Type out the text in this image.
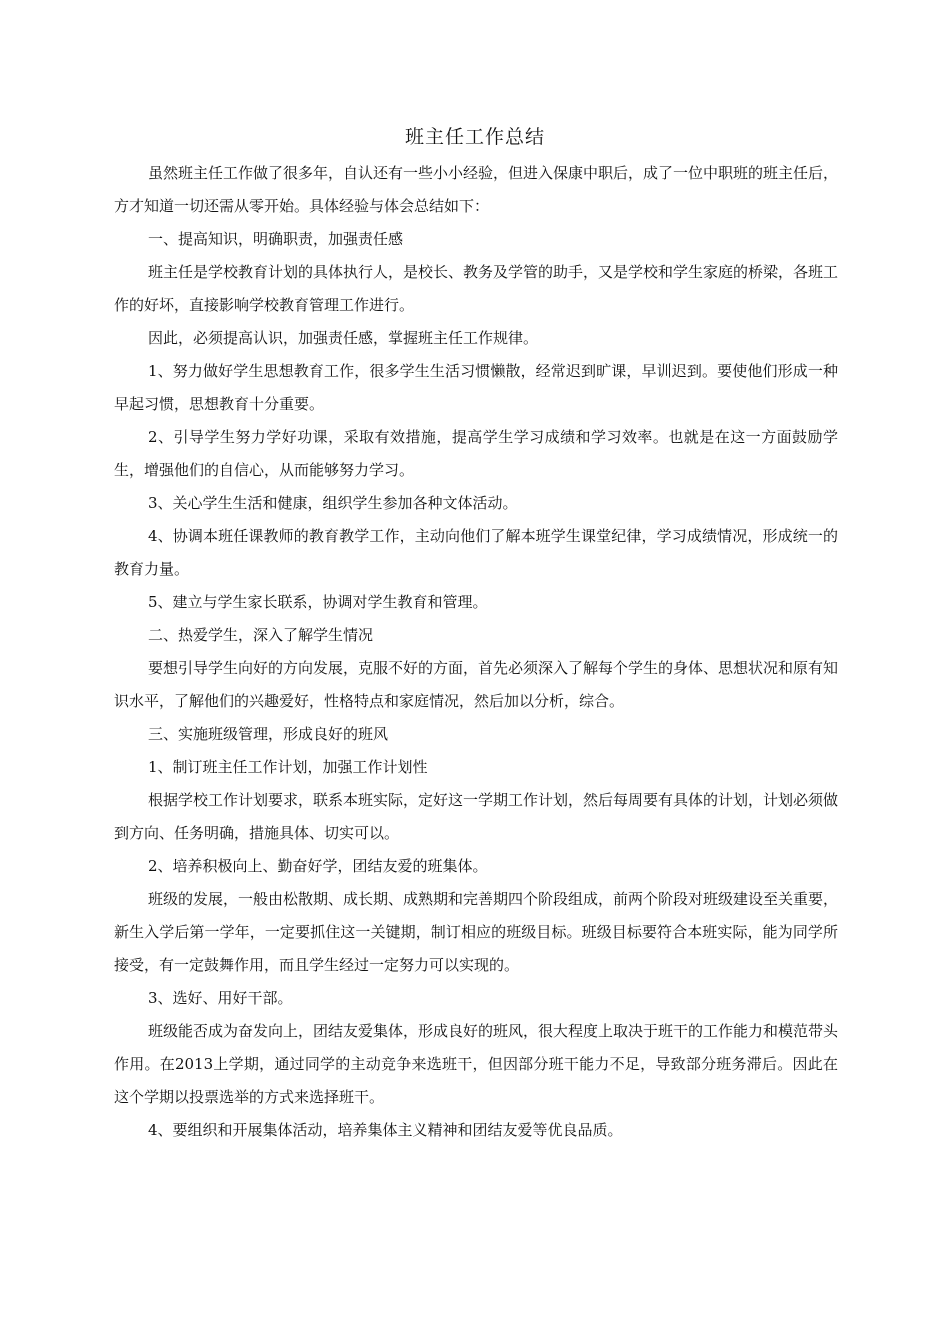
班主任工作总结

虽然班主任工作做了很多年，自认还有一些小小经验，但进入保康中职后，成了一位中职班的班主任后，方才知道一切还需从零开始。具体经验与体会总结如下：

一、提高知识，明确职责，加强责任感

班主任是学校教育计划的具体执行人，是校长、教务及学管的助手，又是学校和学生家庭的桥梁，各班工作的好坏，直接影响学校教育管理工作进行。

因此，必须提高认识，加强责任感，掌握班主任工作规律。

1、努力做好学生思想教育工作，很多学生生活习惯懒散，经常迟到旷课，早训迟到。要使他们形成一种早起习惯，思想教育十分重要。

2、引导学生努力学好功课，采取有效措施，提高学生学习成绩和学习效率。也就是在这一方面鼓励学生，增强他们的自信心，从而能够努力学习。

3、关心学生生活和健康，组织学生参加各种文体活动。

4、协调本班任课教师的教育教学工作，主动向他们了解本班学生课堂纪律，学习成绩情况，形成统一的教育力量。

5、建立与学生家长联系，协调对学生教育和管理。

二、热爱学生，深入了解学生情况

要想引导学生向好的方向发展，克服不好的方面，首先必须深入了解每个学生的身体、思想状况和原有知识水平，了解他们的兴趣爱好，性格特点和家庭情况，然后加以分析，综合。

三、实施班级管理，形成良好的班风

1、制订班主任工作计划，加强工作计划性

根据学校工作计划要求，联系本班实际，定好这一学期工作计划，然后每周要有具体的计划，计划必须做到方向、任务明确，措施具体、切实可以。

2、培养积极向上、勤奋好学，团结友爱的班集体。

班级的发展，一般由松散期、成长期、成熟期和完善期四个阶段组成，前两个阶段对班级建设至关重要，新生入学后第一学年，一定要抓住这一关键期，制订相应的班级目标。班级目标要符合本班实际，能为同学所接受，有一定鼓舞作用，而且学生经过一定努力可以实现的。

3、选好、用好干部。

班级能否成为奋发向上，团结友爱集体，形成良好的班风，很大程度上取决于班干的工作能力和模范带头作用。在2013上学期，通过同学的主动竞争来选班干，但因部分班干能力不足，导致部分班务滞后。因此在这个学期以投票选举的方式来选择班干。

4、要组织和开展集体活动，培养集体主义精神和团结友爱等优良品质。
